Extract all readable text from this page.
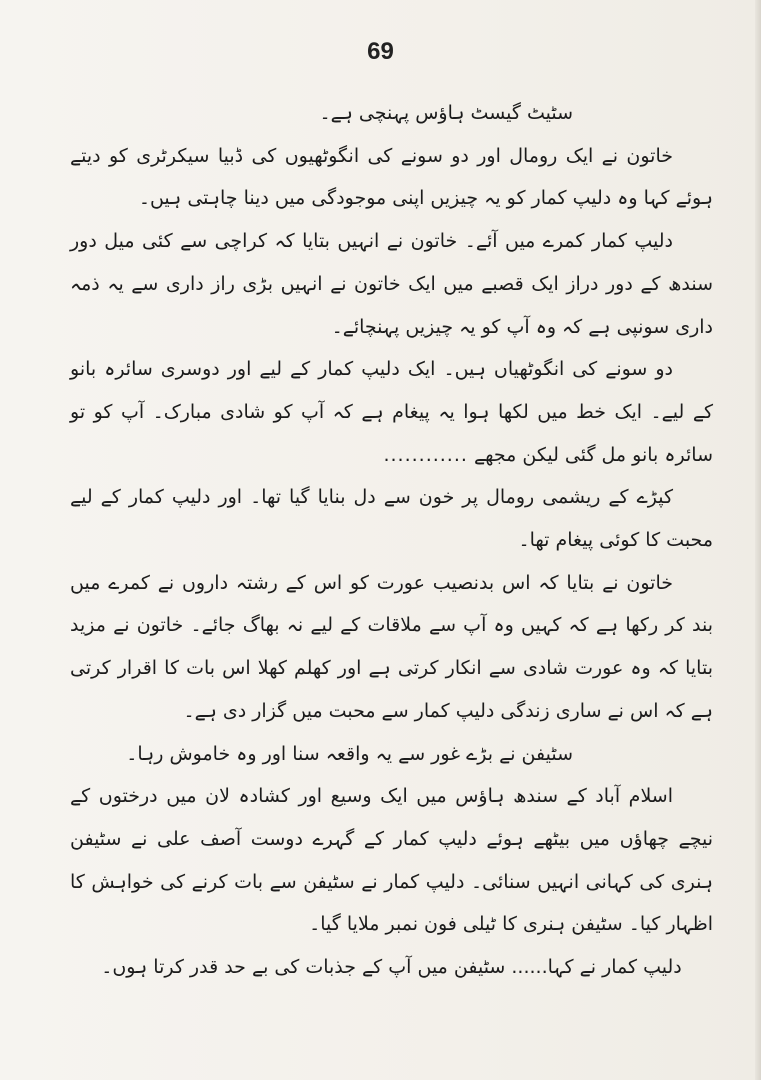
69

سٹیٹ گیسٹ ہاؤس پہنچی ہے۔

خاتون نے ایک رومال اور دو سونے کی انگوٹھیوں کی ڈبیا سیکرٹری کو دیتے ہوئے کہا وہ دلیپ کمار کو یہ چیزیں اپنی موجودگی میں دینا چاہتی ہیں۔

دلیپ کمار کمرے میں آئے۔ خاتون نے انہیں بتایا کہ کراچی سے کئی میل دور سندھ کے دور دراز ایک قصبے میں ایک خاتون نے انہیں بڑی راز داری سے یہ ذمہ داری سونپی ہے کہ وہ آپ کو یہ چیزیں پہنچائے۔

دو سونے کی انگوٹھیاں ہیں۔ ایک دلیپ کمار کے لیے اور دوسری سائرہ بانو کے لیے۔ ایک خط میں لکھا ہوا یہ پیغام ہے کہ آپ کو شادی مبارک۔ آپ کو تو سائرہ بانو مل گئی لیکن مجھے ............

کپڑے کے ریشمی رومال پر خون سے دل بنایا گیا تھا۔ اور دلیپ کمار کے لیے محبت کا کوئی پیغام تھا۔

خاتون نے بتایا کہ اس بدنصیب عورت کو اس کے رشتہ داروں نے کمرے میں بند کر رکھا ہے کہ کہیں وہ آپ سے ملاقات کے لیے نہ بھاگ جائے۔ خاتون نے مزید بتایا کہ وہ عورت شادی سے انکار کرتی ہے اور کھلم کھلا اس بات کا اقرار کرتی ہے کہ اس نے ساری زندگی دلیپ کمار سے محبت میں گزار دی ہے۔

سٹیفن نے بڑے غور سے یہ واقعہ سنا اور وہ خاموش رہا۔

اسلام آباد کے سندھ ہاؤس میں ایک وسیع اور کشادہ لان میں درختوں کے نیچے چھاؤں میں بیٹھے ہوئے دلیپ کمار کے گہرے دوست آصف علی نے سٹیفن ہنری کی کہانی انہیں سنائی۔ دلیپ کمار نے سٹیفن سے بات کرنے کی خواہش کا اظہار کیا۔ سٹیفن ہنری کا ٹیلی فون نمبر ملایا گیا۔

دلیپ کمار نے کہا...... سٹیفن میں آپ کے جذبات کی بے حد قدر کرتا ہوں۔
